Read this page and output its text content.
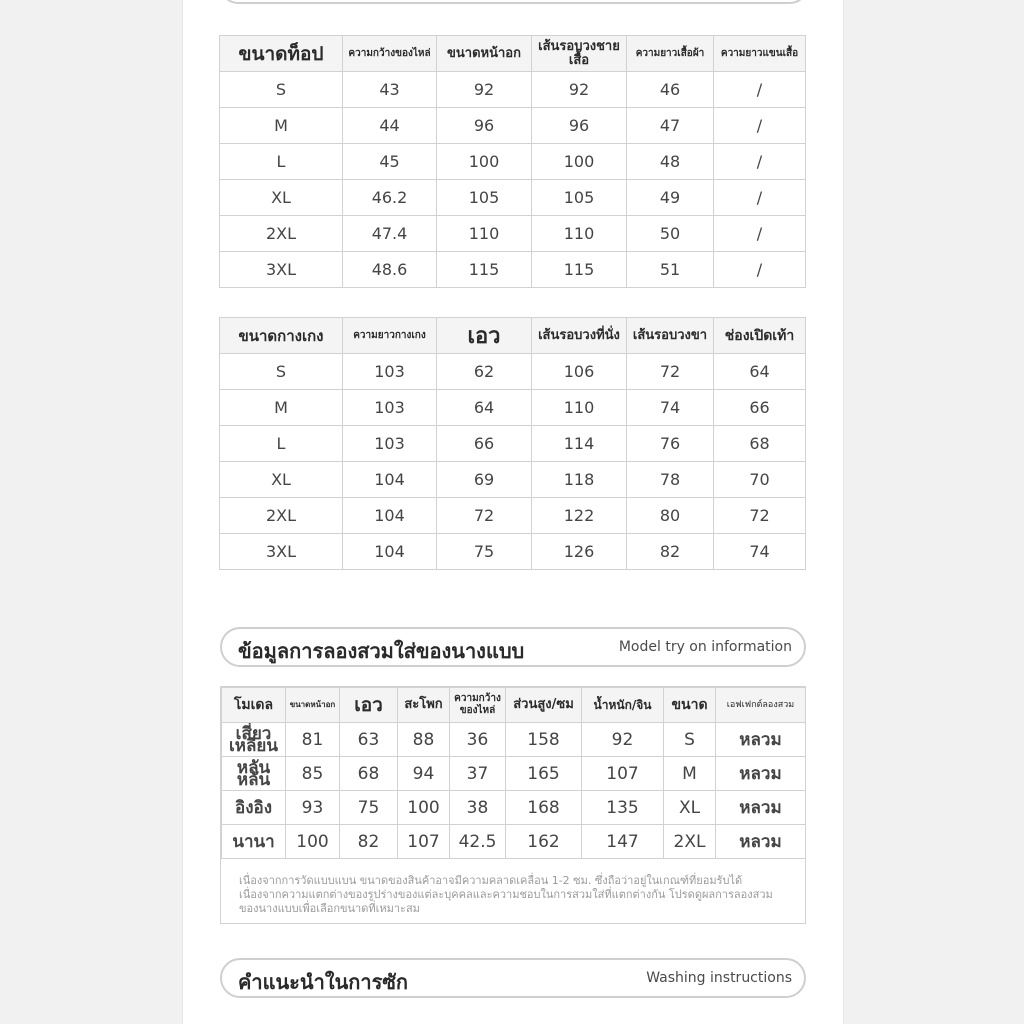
ขนาดท็อป	ความกว้างของไหล่	ขนาดหน้าอก	เส้นรอบวงชายเสื้อ	ความยาวเสื้อผ้า	ความยาวแขนเสื้อ
S	43	92	92	46	/
M	44	96	96	47	/
L	45	100	100	48	/
XL	46.2	105	105	49	/
2XL	47.4	110	110	50	/
3XL	48.6	115	115	51	/
ขนาดกางเกง	ความยาวกางเกง	เอว	เส้นรอบวงที่นั่ง	เส้นรอบวงขา	ช่องเปิดเท้า
S	103	62	106	72	64
M	103	64	110	74	66
L	103	66	114	76	68
XL	104	69	118	78	70
2XL	104	72	122	80	72
3XL	104	75	126	82	74
ข้อมูลการลองสวมใส่ของนางแบบ	Model try on information
โมเดล	ขนาดหน้าอก	เอว	สะโพก	ความกว้างของไหล่	ส่วนสูง/ซม	น้ำหนัก/จิน	ขนาด	เอฟเฟกต์ลองสวม
เสี่ยวเหลียน	81	63	88	36	158	92	S	หลวม
หลันหลัน	85	68	94	37	165	107	M	หลวม
อิงอิง	93	75	100	38	168	135	XL	หลวม
นานา	100	82	107	42.5	162	147	2XL	หลวม
เนื่องจากการวัดแบบแบน ขนาดของสินค้าอาจมีความคลาดเคลื่อน 1-2 ซม. ซึ่งถือว่าอยู่ในเกณฑ์ที่ยอมรับได้ เนื่องจากความแตกต่างของรูปร่างของแต่ละบุคคลและความชอบในการสวมใส่ที่แตกต่างกัน โปรดดูผลการลองสวมของนางแบบเพื่อเลือกขนาดที่เหมาะสม
คำแนะนำในการซัก	Washing instructions
